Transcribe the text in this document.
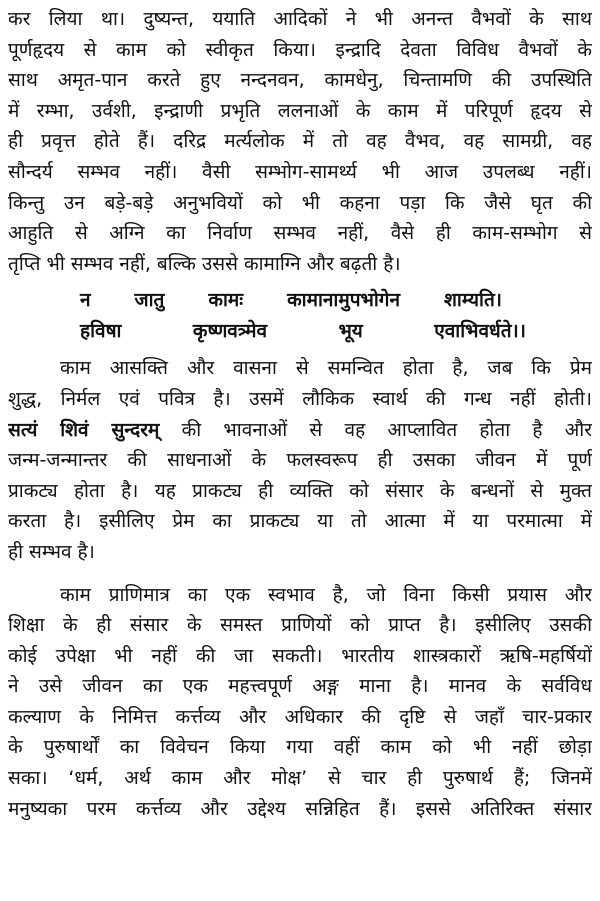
कर लिया था। दुष्यन्त, ययाति आदिकों ने भी अनन्त वैभवों के साथ
पूर्णहृदय से काम को स्वीकृत किया। इन्द्रादि देवता विविध वैभवों के
साथ अमृत-पान करते हुए नन्दनवन, कामधेनु, चिन्तामणि की उपस्थिति
में रम्भा, उर्वशी, इन्द्राणी प्रभृति ललनाओं के काम में परिपूर्ण हृदय से
ही प्रवृत्त होते हैं। दरिद्र मर्त्यलोक में तो वह वैभव, वह सामग्री, वह
सौन्दर्य सम्भव नहीं। वैसी सम्भोग-सामर्थ्य भी आज उपलब्ध नहीं।
किन्तु उन बड़े-बड़े अनुभवियों को भी कहना पड़ा कि जैसे घृत की
आहुति से अग्नि का निर्वाण सम्भव नहीं, वैसे ही काम-सम्भोग से
तृप्ति भी सम्भव नहीं, बल्कि उससे कामाग्नि और बढ़ती है।
न जातु कामः कामानामुपभोगेन शाम्यति।
हविषा	कृष्णवत्र्मेव	भूय	एवाभिवर्धते।।
काम आसक्ति और वासना से समन्वित होता है, जब कि प्रेम
शुद्ध, निर्मल एवं पवित्र है। उसमें लौकिक स्वार्थ की गन्ध नहीं होती।
सत्यं शिवं सुन्दरम् की भावनाओं से वह आप्लावित होता है और
जन्म-जन्मान्तर की साधनाओं के फलस्वरूप ही उसका जीवन में पूर्ण
प्राकट्य होता है। यह प्राकट्य ही व्यक्ति को संसार के बन्धनों से मुक्त
करता है। इसीलिए प्रेम का प्राकट्य या तो आत्मा में या परमात्मा में
ही सम्भव है।
काम प्राणिमात्र का एक स्वभाव है, जो विना किसी प्रयास और
शिक्षा के ही संसार के समस्त प्राणियों को प्राप्त है। इसीलिए उसकी
कोई उपेक्षा भी नहीं की जा सकती। भारतीय शास्त्रकारों ऋषि-महर्षियों
ने उसे जीवन का एक महत्त्वपूर्ण अङ्ग माना है। मानव के सर्वविध
कल्याण के निमित्त कर्त्तव्य और अधिकार की दृष्टि से जहाँ चार-प्रकार
के पुरुषार्थों का विवेचन किया गया वहीं काम को भी नहीं छोड़ा
सका। ‘धर्म, अर्थ काम और मोक्ष’ से चार ही पुरुषार्थ हैं; जिनमें
मनुष्यका परम कर्त्तव्य और उद्देश्य सन्निहित हैं। इससे अतिरिक्त संसार
